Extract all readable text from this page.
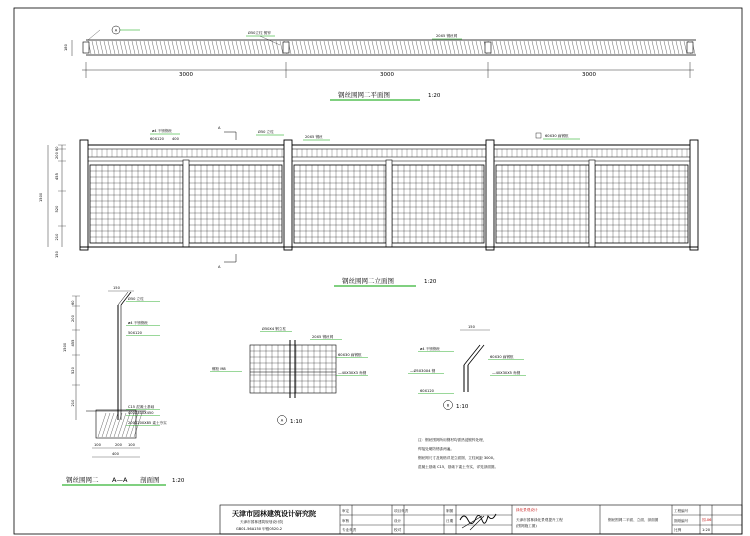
3000	3000	3000
180
A
Ø50立柱 镀锌
20X5 钢丝网
钢丝围网二平面图	1:20
A
A
1500
60
200
455
520
210
150
ø4 不锈钢丝
60X120 400
Ø50 立柱
20X5 钢丝	60X30 扁钢框
钢丝围网二立面图	1:20
60
200
455
520
210
1500
150
100	200 100
400
Ø50 立柱
ø4 不锈钢丝
50X120
C15 混凝土基础
400X400X450
200X200X85 素土夯实
钢丝围网二 A—A 剖面图 1:20
Ø50X4 钢立柱
20X5 钢丝网
60X30 扁钢框
螺栓 M8
—40X30X3 角钢
A 1:10
150
60X30 扁钢框
ø4 不锈钢丝
—Ø5X30X4 钢	—40X30X5 角钢
60X120
B 1:10
注：钢丝围网所用钢材均需热浸镀锌处理，
焊接处刷防锈漆两遍。
钢丝网尺寸及规格详见立面图，立柱间距 3000。
混凝土基础 C15，基础下素土夯实，详见剖面图。
天津市园林建筑设计研究院
天津市园林建筑规划设计院
GB01-56A150 甲级0520-2
审定
审核
专业负责
项目负责
设计
校对
制图
日期
工程编号
图纸编号
比例	1:20
绿化景观设计
天津市园林绿化景观提升工程
(围网施工图)
钢丝围网二平面、立面、剖面图	园-06
